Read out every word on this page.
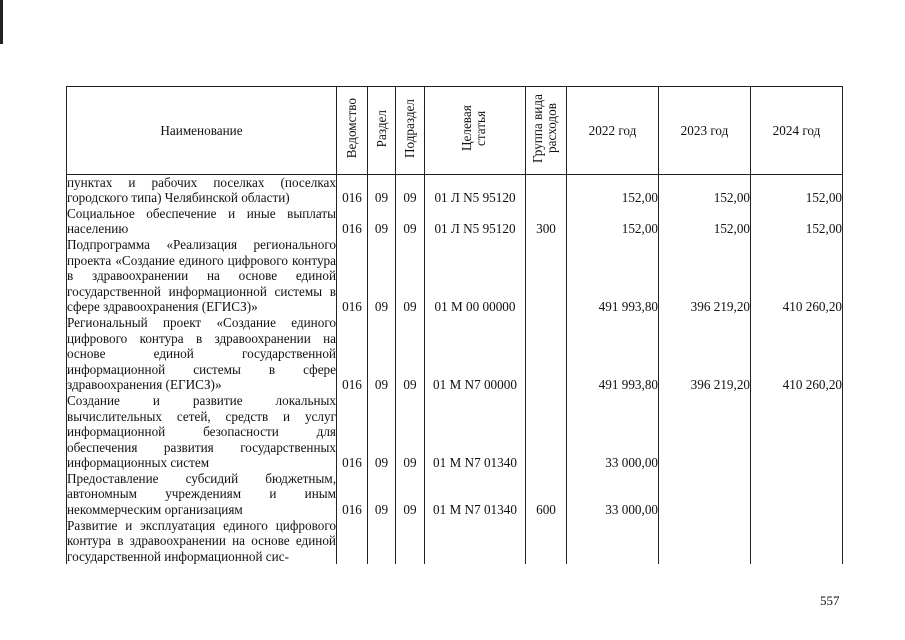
Наименование	Ведомство	Раздел	Подраздел	Целевая статья	Группа вида расходов	2022 год	2023 год	2024 год
пунктах и рабочих поселках (поселках городского типа) Челябинской области)	016	09	09	01 Л N5 95120		152,00	152,00	152,00
Социальное обеспечение и иные выплаты населению	016	09	09	01 Л N5 95120	300	152,00	152,00	152,00
Подпрограмма «Реализация регионального проекта «Создание единого цифрового контура в здравоохранении на основе единой государственной информационной системы в сфере здравоохранения (ЕГИСЗ)»	016	09	09	01 M 00 00000		491 993,80	396 219,20	410 260,20
Региональный проект «Создание единого цифрового контура в здравоохранении на основе единой государственной информационной системы в сфере здравоохранения (ЕГИСЗ)»	016	09	09	01 M N7 00000		491 993,80	396 219,20	410 260,20
Создание и развитие локальных вычислительных сетей, средств и услуг информационной безопасности для обеспечения развития государственных информационных систем	016	09	09	01 M N7 01340		33 000,00		
Предоставление субсидий бюджетным, автономным учреждениям и иным некоммерческим организациям	016	09	09	01 M N7 01340	600	33 000,00		
Развитие и эксплуатация единого цифрового контура в здравоохранении на основе единой государственной информационной сис-								
557
